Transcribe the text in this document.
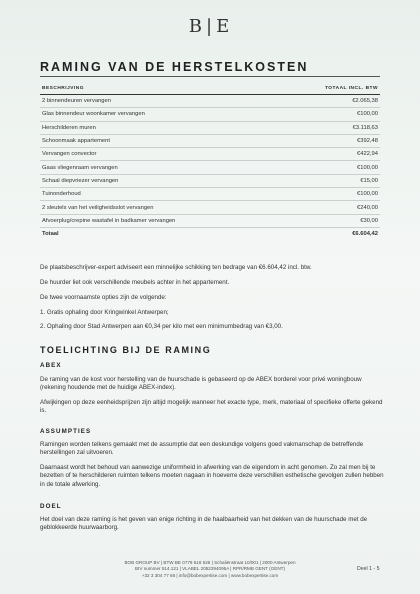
B | E
RAMING VAN DE HERSTELKOSTEN
BESCHRIJVING	TOTAAL INCL. BTW
2 binnendeuren vervangen	€2.065,38
Glas binnendeur woonkamer vervangen	€100,00
Herschilderen muren	€3.118,63
Schoonmaak appartement	€392,48
Vervangen convector	€422,94
Gaas vliegenraam vervangen	€100,00
Schaal diepvriezer vervangen	€15,00
Tuinonderhoud	€100,00
2 sleutels van het veiligheidsslot vervangen	€240,00
Afvoerplug/crepine wastafel in badkamer vervangen	€30,00
Totaal	€6.604,42
De plaatsbeschrijver-expert adviseert een minnelijke schikking ten bedrage van €6.604,42 incl. btw.
De huurder liet ook verschillende meubels achter in het appartement.
De twee voornaamste opties zijn de volgende:
1. Gratis ophaling door Kringwinkel Antwerpen;
2. Ophaling door Stad Antwerpen aan €0,34 per kilo met een minimumbedrag van €3,00.
TOELICHTING BIJ DE RAMING
ABEX
De raming van de kost voor herstelling van de huurschade is gebaseerd op de ABEX borderel voor privé woningbouw (rekening houdende met de huidige ABEX-index).
Afwijkingen op deze eenheidsprijzen zijn altijd mogelijk wanneer het exacte type, merk, materiaal of specifieke offerte gekend is.
ASSUMPTIES
Ramingen worden telkens gemaakt met de assumptie dat een deskundige volgens goed vakmanschap de betreffende herstellingen zal uitvoeren.
Daarnaast wordt het behoud van aanwezige uniformheid in afwerking van de eigendom in acht genomen. Zo zal men bij te bezetten of te herschilderen ruimten telkens moeten nagaan in hoeverre deze verschillen esthetische gevolgen zullen hebben in de totale afwerking.
DOEL
Het doel van deze raming is het geven van enige richting in de haalbaarheid van het dekken van de huurschade met de geblokkeerde huurwaarborg.
BOB GROUP BV | BTW BE 0779 518 526 | Schaliënstraat 10/001 | 2000 Antwerpen
BIV nummer 514.121 | VLABEL 2052294095A | RPR/RMB GENT (GENT)
+32 3 304 77 66 | info@bobexpertise.com | www.bobexpertise.com
Deel 1 - 5
